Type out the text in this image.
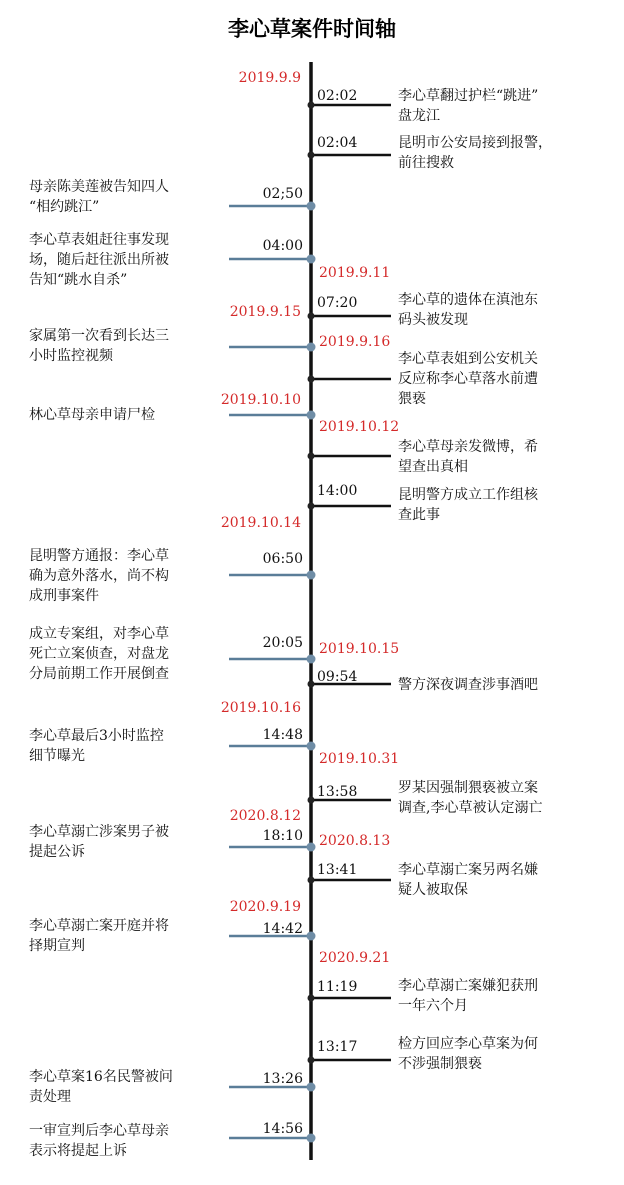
李心草案件时间轴
2019.9.9
2019.9.11
2019.9.15
2019.9.16
2019.10.10
2019.10.12
2019.10.14
2019.10.15
2019.10.16
2019.10.31
2020.8.12
2020.8.13
2020.9.19
2020.9.21
02:02
02:04
02;50
04:00
07:20
14:00
06:50
20:05
09:54
14:48
13:58
18:10
13:41
14:42
11:19
13:17
13:26
14:56
李心草翻过护栏“跳进”
盘龙江
昆明市公安局接到报警，
前往搜救
母亲陈美莲被告知四人
“相约跳江”
李心草表姐赶往事发现
场，随后赶往派出所被
告知“跳水自杀”
李心草的遗体在滇池东
码头被发现
家属第一次看到长达三
小时监控视频	李心草表姐到公安机关
反应称李心草落水前遭
猥亵
林心草母亲申请尸检
李心草母亲发微博，希
望查出真相
昆明警方成立工作组核
查此事
昆明警方通报：李心草
确为意外落水，尚不构
成刑事案件
成立专案组，对李心草
死亡立案侦查，对盘龙
分局前期工作开展倒查
警方深夜调查涉事酒吧
李心草最后3小时监控
细节曝光
罗某因强制猥亵被立案
调查,李心草被认定溺亡
李心草溺亡涉案男子被
提起公诉
李心草溺亡案另两名嫌
疑人被取保
李心草溺亡案开庭并将
择期宣判
李心草溺亡案嫌犯获刑
一年六个月
检方回应李心草案为何
不涉强制猥亵
李心草案16名民警被问
责处理
一审宣判后李心草母亲
表示将提起上诉
